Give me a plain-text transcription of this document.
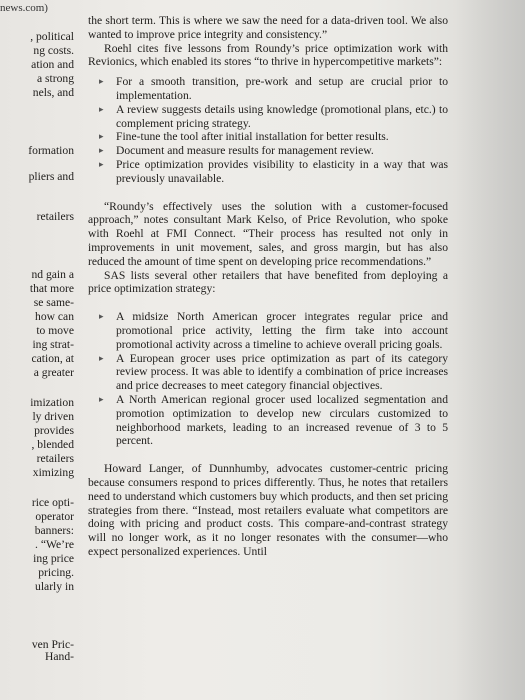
news.com)
, political
ng costs.
ation and
a strong
nels, and
formation
pliers and
retailers
nd gain a
that more
se same-
how can
to move
ing strat-
cation, at
a greater
imization
ly driven
provides
, blended
retailers
ximizing
rice opti-
operator
banners:
. “We’re
ing price
pricing.
ularly in
ven Pric-
Hand-

the short term. This is where we saw the need for a data-driven tool. We also wanted to improve price integrity and consistency.”

Roehl cites five lessons from Roundy’s price optimization work with Revionics, which enabled its stores “to thrive in hypercompetitive markets”:

▸ For a smooth transition, pre-work and setup are crucial prior to implementation.
▸ A review suggests details using knowledge (promotional plans, etc.) to complement pricing strategy.
▸ Fine-tune the tool after initial installation for better results.
▸ Document and measure results for management review.
▸ Price optimization provides visibility to elasticity in a way that was previously unavailable.

“Roundy’s effectively uses the solution with a customer-focused approach,” notes consultant Mark Kelso, of Price Revolution, who spoke with Roehl at FMI Connect. “Their process has resulted not only in improvements in unit movement, sales, and gross margin, but has also reduced the amount of time spent on developing price recommendations.”

SAS lists several other retailers that have benefited from deploying a price optimization strategy:

▸ A midsize North American grocer integrates regular price and promotional price activity, letting the firm take into account promotional activity across a timeline to achieve overall pricing goals.
▸ A European grocer uses price optimization as part of its category review process. It was able to identify a combination of price increases and price decreases to meet category financial objectives.
▸ A North American regional grocer used localized segmentation and promotion optimization to develop new circulars customized to neighborhood markets, leading to an increased revenue of 3 to 5 percent.

Howard Langer, of Dunnhumby, advocates customer-centric pricing because consumers respond to prices differently. Thus, he notes that retailers need to understand which customers buy which products, and then set pricing strategies from there. “Instead, most retailers evaluate what competitors are doing with pricing and product costs. This compare-and-contrast strategy will no longer work, as it no longer resonates with the consumer—who expect personalized experiences. Until
